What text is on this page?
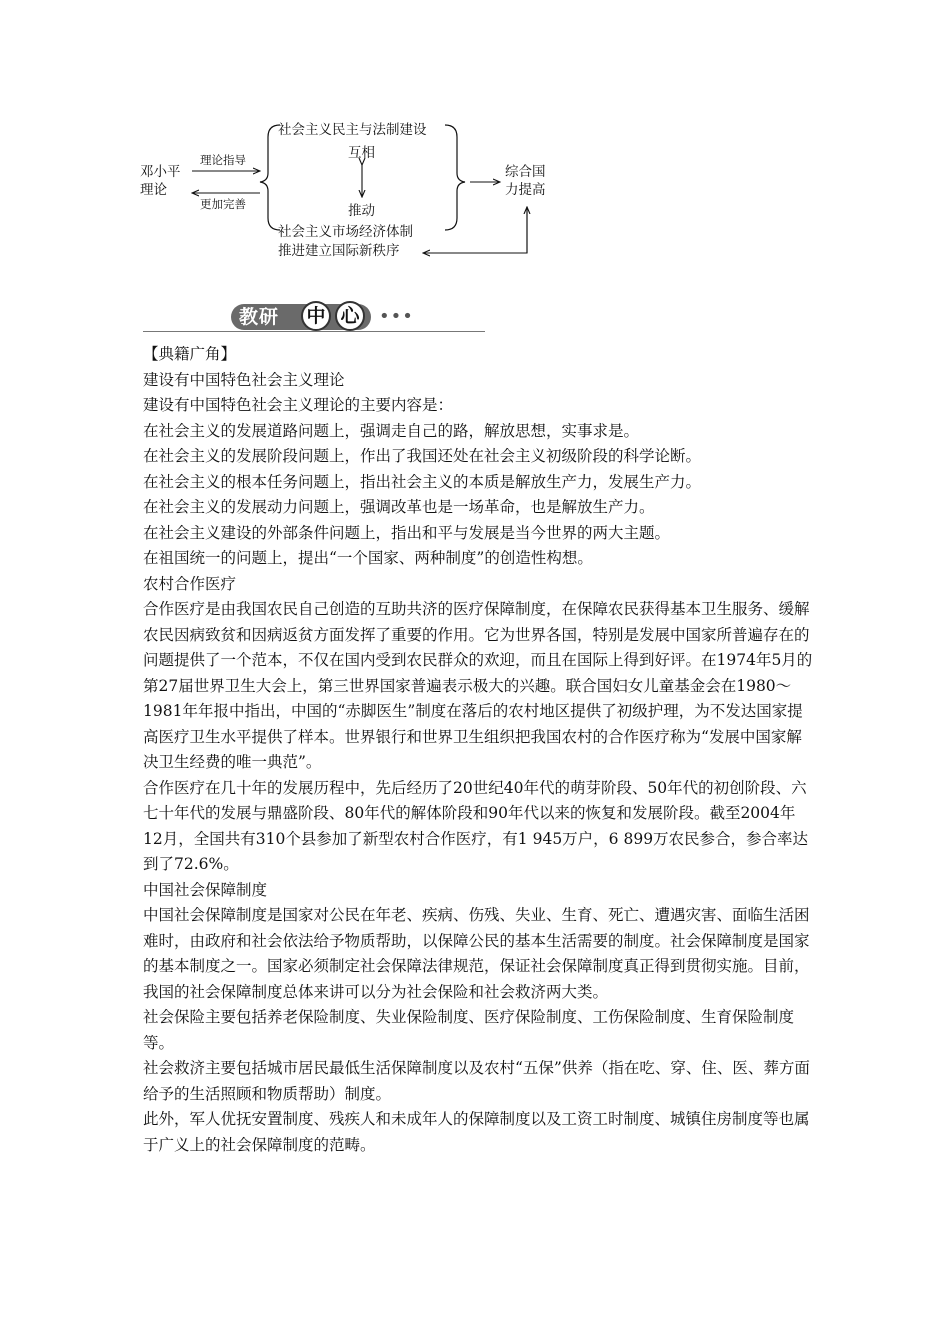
邓小平
理论
理论指导
更加完善
社会主义民主与法制建设
互相
推动
社会主义市场经济体制
推进建立国际新秩序
综合国
力提高
教研 中 心	•••

【典籍广角】

建设有中国特色社会主义理论

建设有中国特色社会主义理论的主要内容是：

在社会主义的发展道路问题上，强调走自己的路，解放思想，实事求是。

在社会主义的发展阶段问题上，作出了我国还处在社会主义初级阶段的科学论断。

在社会主义的根本任务问题上，指出社会主义的本质是解放生产力，发展生产力。

在社会主义的发展动力问题上，强调改革也是一场革命，也是解放生产力。

在社会主义建设的外部条件问题上，指出和平与发展是当今世界的两大主题。

在祖国统一的问题上，提出“一个国家、两种制度”的创造性构想。

农村合作医疗

合作医疗是由我国农民自己创造的互助共济的医疗保障制度，在保障农民获得基本卫生服务、缓解农民因病致贫和因病返贫方面发挥了重要的作用。它为世界各国，特别是发展中国家所普遍存在的问题提供了一个范本，不仅在国内受到农民群众的欢迎，而且在国际上得到好评。在1974年5月的第27届世界卫生大会上，第三世界国家普遍表示极大的兴趣。联合国妇女儿童基金会在1980～1981年年报中指出，中国的“赤脚医生”制度在落后的农村地区提供了初级护理，为不发达国家提高医疗卫生水平提供了样本。世界银行和世界卫生组织把我国农村的合作医疗称为“发展中国家解决卫生经费的唯一典范”。

合作医疗在几十年的发展历程中，先后经历了20世纪40年代的萌芽阶段、50年代的初创阶段、六七十年代的发展与鼎盛阶段、80年代的解体阶段和90年代以来的恢复和发展阶段。截至2004年12月，全国共有310个县参加了新型农村合作医疗，有1 945万户，6 899万农民参合，参合率达到了72.6%。

中国社会保障制度

中国社会保障制度是国家对公民在年老、疾病、伤残、失业、生育、死亡、遭遇灾害、面临生活困难时，由政府和社会依法给予物质帮助，以保障公民的基本生活需要的制度。社会保障制度是国家的基本制度之一。国家必须制定社会保障法律规范，保证社会保障制度真正得到贯彻实施。目前，我国的社会保障制度总体来讲可以分为社会保险和社会救济两大类。

社会保险主要包括养老保险制度、失业保险制度、医疗保险制度、工伤保险制度、生育保险制度等。

社会救济主要包括城市居民最低生活保障制度以及农村“五保”供养（指在吃、穿、住、医、葬方面给予的生活照顾和物质帮助）制度。

此外，军人优抚安置制度、残疾人和未成年人的保障制度以及工资工时制度、城镇住房制度等也属于广义上的社会保障制度的范畴。
